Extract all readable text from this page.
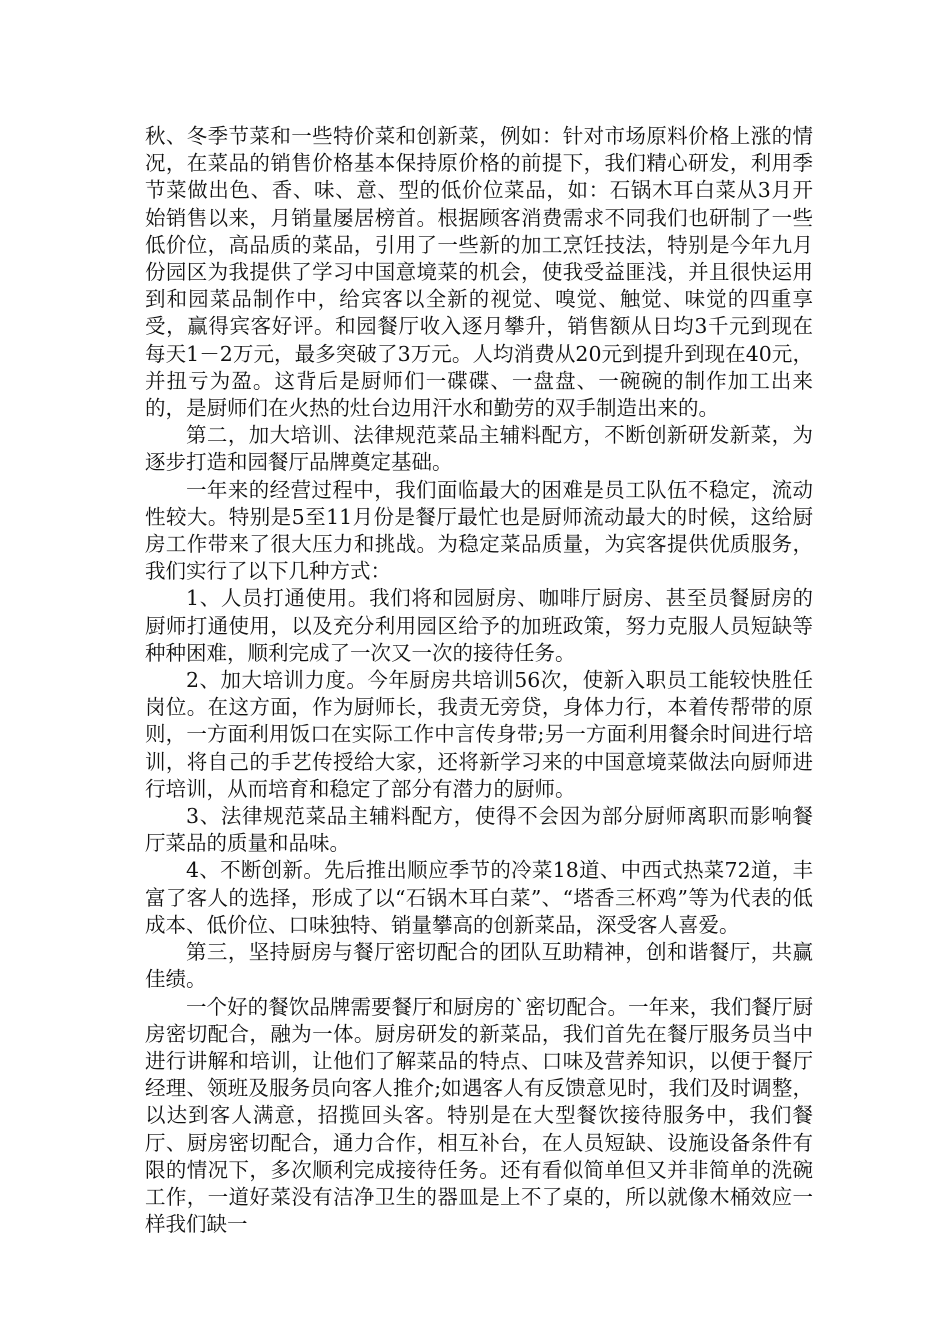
秋、冬季节菜和一些特价菜和创新菜，例如：针对市场原料价格上涨的情况，在菜品的销售价格基本保持原价格的前提下，我们精心研发，利用季节菜做出色、香、味、意、型的低价位菜品，如：石锅木耳白菜从3月开始销售以来，月销量屡居榜首。根据顾客消费需求不同我们也研制了一些低价位，高品质的菜品，引用了一些新的加工烹饪技法，特别是今年九月份园区为我提供了学习中国意境菜的机会，使我受益匪浅，并且很快运用到和园菜品制作中，给宾客以全新的视觉、嗅觉、触觉、味觉的四重享受，赢得宾客好评。和园餐厅收入逐月攀升，销售额从日均3千元到现在每天1－2万元，最多突破了3万元。人均消费从20元到提升到现在40元，并扭亏为盈。这背后是厨师们一碟碟、一盘盘、一碗碗的制作加工出来的，是厨师们在火热的灶台边用汗水和勤劳的双手制造出来的。

第二，加大培训、法律规范菜品主辅料配方，不断创新研发新菜，为逐步打造和园餐厅品牌奠定基础。

一年来的经营过程中，我们面临最大的困难是员工队伍不稳定，流动性较大。特别是5至11月份是餐厅最忙也是厨师流动最大的时候，这给厨房工作带来了很大压力和挑战。为稳定菜品质量，为宾客提供优质服务，我们实行了以下几种方式：

1、人员打通使用。我们将和园厨房、咖啡厅厨房、甚至员餐厨房的厨师打通使用，以及充分利用园区给予的加班政策，努力克服人员短缺等种种困难，顺利完成了一次又一次的接待任务。

2、加大培训力度。今年厨房共培训56次，使新入职员工能较快胜任岗位。在这方面，作为厨师长，我责无旁贷，身体力行，本着传帮带的原则，一方面利用饭口在实际工作中言传身带;另一方面利用餐余时间进行培训，将自己的手艺传授给大家，还将新学习来的中国意境菜做法向厨师进行培训，从而培育和稳定了部分有潜力的厨师。

3、法律规范菜品主辅料配方，使得不会因为部分厨师离职而影响餐厅菜品的质量和品味。

4、不断创新。先后推出顺应季节的冷菜18道、中西式热菜72道，丰富了客人的选择，形成了以“石锅木耳白菜”、“塔香三杯鸡”等为代表的低成本、低价位、口味独特、销量攀高的创新菜品，深受客人喜爱。

第三，坚持厨房与餐厅密切配合的团队互助精神，创和谐餐厅，共赢佳绩。

一个好的餐饮品牌需要餐厅和厨房的`密切配合。一年来，我们餐厅厨房密切配合，融为一体。厨房研发的新菜品，我们首先在餐厅服务员当中进行讲解和培训，让他们了解菜品的特点、口味及营养知识，以便于餐厅经理、领班及服务员向客人推介;如遇客人有反馈意见时，我们及时调整，以达到客人满意，招揽回头客。特别是在大型餐饮接待服务中，我们餐厅、厨房密切配合，通力合作，相互补台，在人员短缺、设施设备条件有限的情况下，多次顺利完成接待任务。还有看似简单但又并非简单的洗碗工作，一道好菜没有洁净卫生的器皿是上不了桌的，所以就像木桶效应一样我们缺一
